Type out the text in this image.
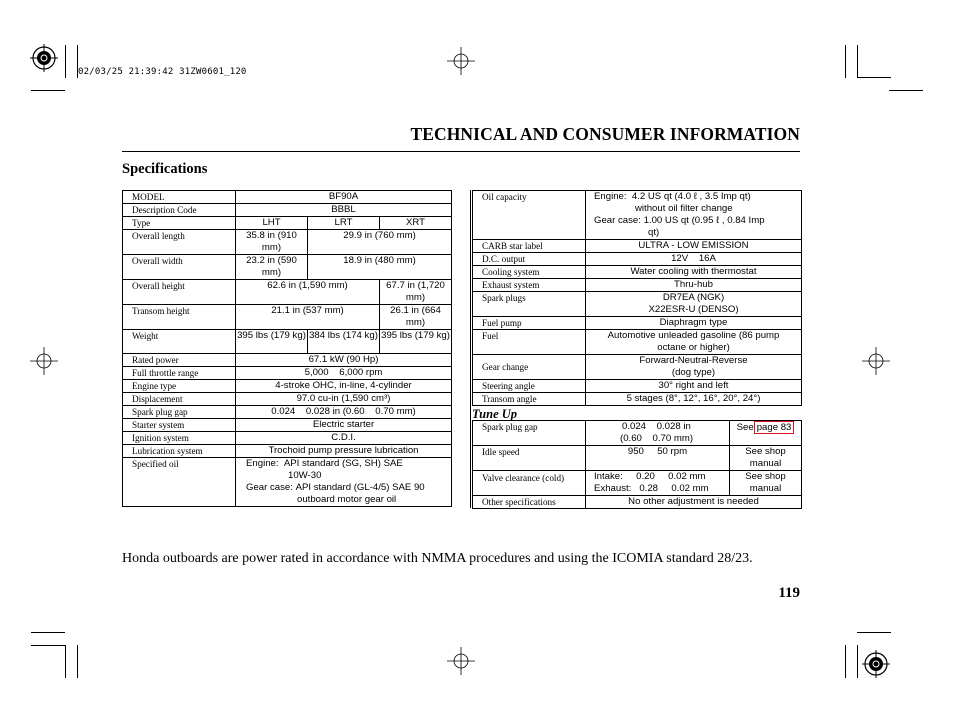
02/03/25 21:39:42 31ZW0601_120
TECHNICAL AND CONSUMER INFORMATION
Specifications
MODEL	BF90A		
Description Code	BBBL		
Type	LHT	LRT	XRT
Overall length	35.8 in (910 mm)	29.9 in (760 mm)	
Overall width	23.2 in (590 mm)	18.9 in (480 mm)	
Overall height	62.6 in (1,590 mm)		67.7 in (1,720 mm)
Transom height	21.1 in (537 mm)		26.1 in (664 mm)
Weight	395 lbs (179 kg)	384 lbs (174 kg)	395 lbs (179 kg)
Rated power	67.1 kW (90 Hp)		
Full throttle range	5,000    6,000 rpm		
Engine type	4-stroke OHC, in-line, 4-cylinder		
Displacement	97.0 cu-in (1,590 cm³)		
Spark plug gap	0.024    0.028 in (0.60    0.70 mm)		
Starter system	Electric starter		
Ignition system	C.D.I.		
Lubrication system	Trochoid pump pressure lubrication		
Specified oil	Engine:  API standard (SG, SH) SAE
10W-30
Gear case: API standard (GL-4/5) SAE 90
outboard motor gear oil		
Oil capacity	Engine:  4.2 US qt (4.0 ℓ , 3.5 Imp qt)
without oil filter change
Gear case: 1.00 US qt (0.95 ℓ , 0.84 Imp
qt)

CARB star label	ULTRA - LOW EMISSION
D.C. output	12V    16A
Cooling system	Water cooling with thermostat
Exhaust system	Thru-hub
Spark plugs	DR7EA (NGK)
X22ESR-U (DENSO)

Fuel pump	Diaphragm type
Fuel	Automotive unleaded gasoline (86 pump
octane or higher)

Gear change	Forward-Neutral-Reverse
(dog type)

Steering angle	30° right and left
Transom angle	5 stages (8°, 12°, 16°, 20°, 24°)
Tune Up
Spark plug gap	0.024    0.028 in
(0.60    0.70 mm)	See page 83
Idle speed	950     50 rpm	See shop manual
Valve clearance (cold)	Intake:     0.20     0.02 mm
Exhaust:   0.28     0.02 mm	See shop manual
Other specifications	No other adjustment is needed	
Honda outboards are power rated in accordance with NMMA procedures and using the ICOMIA standard 28/23.
119
